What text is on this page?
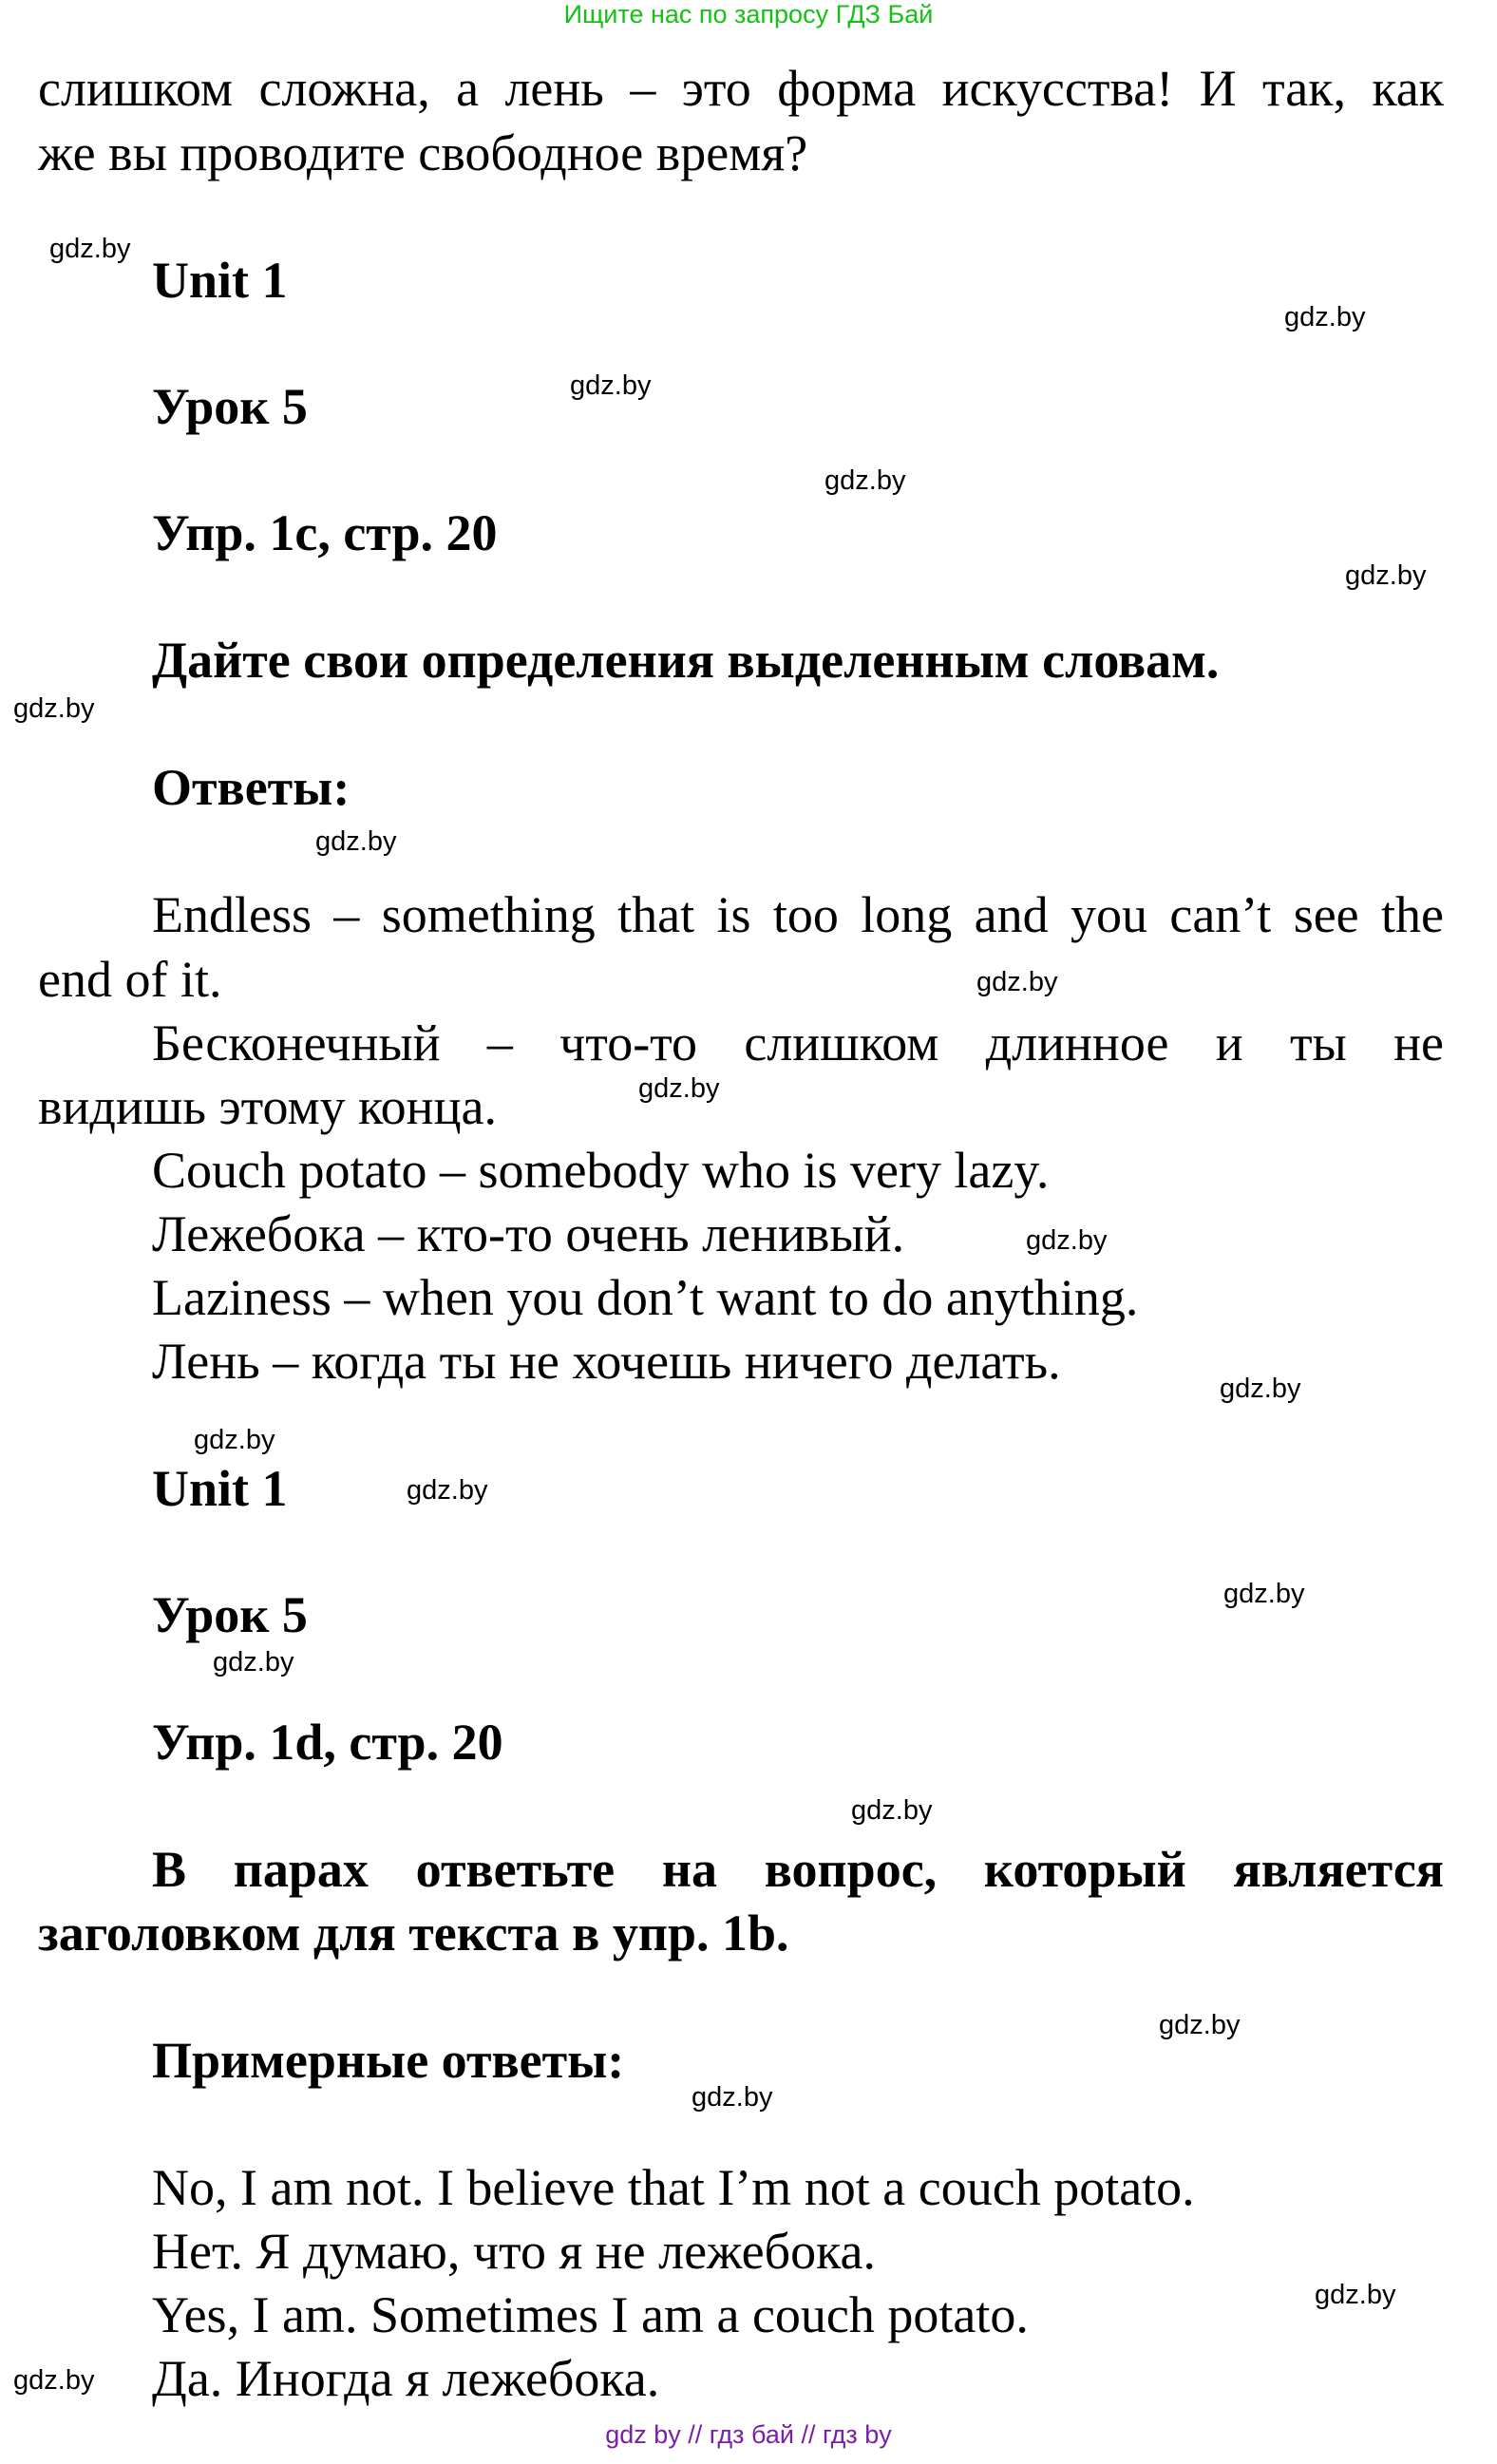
Ищите нас по запросу ГДЗ Бай
слишком сложна, а лень – это форма искусства! И так, как
же вы проводите свободное время?
Unit 1
Урок 5
Упр. 1c, стр. 20
Дайте свои определения выделенным словам.
Ответы:
Endless – something that is too long and you can’t see the
end of it.
Бесконечный – что-то слишком длинное и ты не
видишь этому конца.
Couch potato – somebody who is very lazy.
Лежебока – кто-то очень ленивый.
Laziness – when you don’t want to do anything.
Лень – когда ты не хочешь ничего делать.
Unit 1
Урок 5
Упр. 1d, стр. 20
В парах ответьте на вопрос, который является
заголовком для текста в упр. 1b.
Примерные ответы:
No, I am not. I believe that I’m not a couch potato.
Нет. Я думаю, что я не лежебока.
Yes, I am. Sometimes I am a couch potato.
Да. Иногда я лежебока.
gdz.by
gdz.by
gdz.by
gdz.by
gdz.by
gdz.by
gdz.by
gdz.by
gdz.by
gdz.by
gdz.by
gdz.by
gdz.by
gdz.by
gdz.by
gdz.by
gdz.by
gdz.by
gdz.by
gdz.by
gdz by // гдз бай // гдз by
